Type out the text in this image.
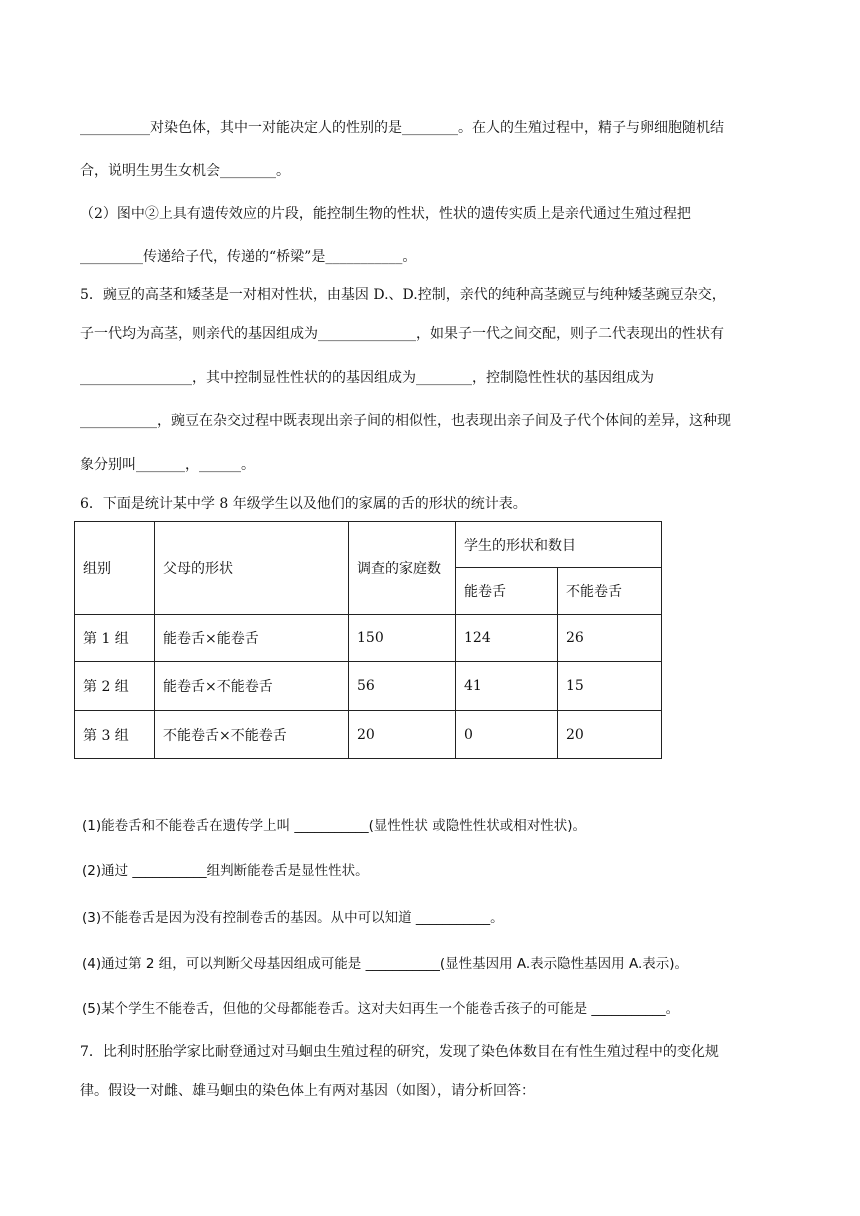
__________对染色体，其中一对能决定人的性别的是________。在人的生殖过程中，精子与卵细胞随机结
合，说明生男生女机会________。
（2）图中②上具有遗传效应的片段，能控制生物的性状，性状的遗传实质上是亲代通过生殖过程把
_________传递给子代，传递的“桥梁”是___________。
5．豌豆的高茎和矮茎是一对相对性状，由基因 D.、D.控制，亲代的纯种高茎豌豆与纯种矮茎豌豆杂交，
子一代均为高茎，则亲代的基因组成为______________，如果子一代之间交配，则子二代表现出的性状有
________________，其中控制显性性状的的基因组成为________，控制隐性性状的基因组成为
___________，豌豆在杂交过程中既表现出亲子间的相似性，也表现出亲子间及子代个体间的差异，这种现
象分别叫_______，______。
6．下面是统计某中学 8 年级学生以及他们的家属的舌的形状的统计表。
组别	父母的形状	调查的家庭数	学生的形状和数目	
			能卷舌	不能卷舌
第 1 组	能卷舌×能卷舌	150	124	26
第 2 组	能卷舌×不能卷舌	56	41	15
第 3 组	不能卷舌×不能卷舌	20	0	20
(1)能卷舌和不能卷舌在遗传学上叫 ___________(显性性状 或隐性性状或相对性状)。
(2)通过 ___________组判断能卷舌是显性性状。
(3)不能卷舌是因为没有控制卷舌的基因。从中可以知道 ___________。
(4)通过第 2 组，可以判断父母基因组成可能是 ___________(显性基因用 A.表示隐性基因用 A.表示)。
(5)某个学生不能卷舌，但他的父母都能卷舌。这对夫妇再生一个能卷舌孩子的可能是 ___________。
7．比利时胚胎学家比耐登通过对马蛔虫生殖过程的研究，发现了染色体数目在有性生殖过程中的变化规
律。假设一对雌、雄马蛔虫的染色体上有两对基因（如图），请分析回答：
